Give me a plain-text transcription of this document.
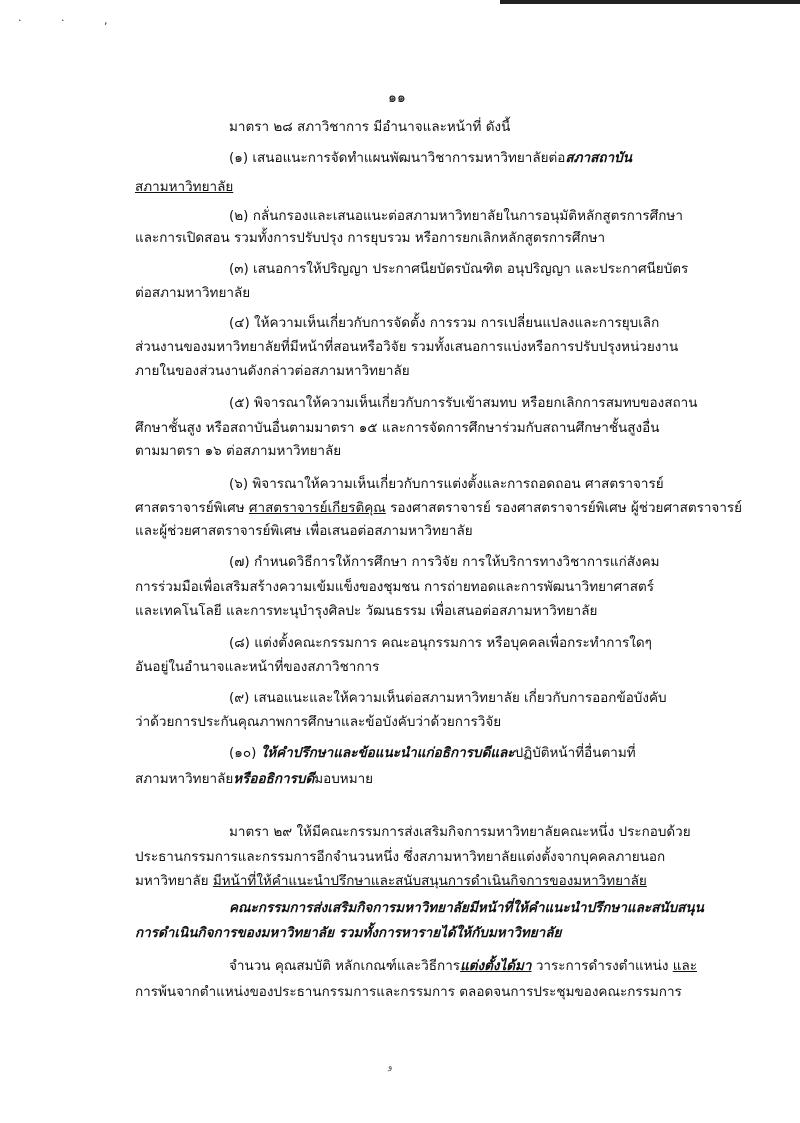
· · ,
๑๑
มาตรา ๒๘ สภาวิชาการ มีอำนาจและหน้าที่ ดังนี้
(๑) เสนอแนะการจัดทำแผนพัฒนาวิชาการมหาวิทยาลัยต่อสภาสถาบัน
สภามหาวิทยาลัย
(๒) กลั่นกรองและเสนอแนะต่อสภามหาวิทยาลัยในการอนุมัติหลักสูตรการศึกษา
และการเปิดสอน รวมทั้งการปรับปรุง การยุบรวม หรือการยกเลิกหลักสูตรการศึกษา
(๓) เสนอการให้ปริญญา ประกาศนียบัตรบัณฑิต อนุปริญญา และประกาศนียบัตร
ต่อสภามหาวิทยาลัย
(๔) ให้ความเห็นเกี่ยวกับการจัดตั้ง การรวม การเปลี่ยนแปลงและการยุบเลิก
ส่วนงานของมหาวิทยาลัยที่มีหน้าที่สอนหรือวิจัย รวมทั้งเสนอการแบ่งหรือการปรับปรุงหน่วยงาน
ภายในของส่วนงานดังกล่าวต่อสภามหาวิทยาลัย
(๕) พิจารณาให้ความเห็นเกี่ยวกับการรับเข้าสมทบ หรือยกเลิกการสมทบของสถาน
ศึกษาชั้นสูง หรือสถาบันอื่นตามมาตรา ๑๕ และการจัดการศึกษาร่วมกับสถานศึกษาชั้นสูงอื่น
ตามมาตรา ๑๖ ต่อสภามหาวิทยาลัย
(๖) พิจารณาให้ความเห็นเกี่ยวกับการแต่งตั้งและการถอดถอน ศาสตราจารย์
ศาสตราจารย์พิเศษ ศาสตราจารย์เกียรติคุณ รองศาสตราจารย์ รองศาสตราจารย์พิเศษ ผู้ช่วยศาสตราจารย์
และผู้ช่วยศาสตราจารย์พิเศษ เพื่อเสนอต่อสภามหาวิทยาลัย
(๗) กำหนดวิธีการให้การศึกษา การวิจัย การให้บริการทางวิชาการแก่สังคม
การร่วมมือเพื่อเสริมสร้างความเข้มแข็งของชุมชน การถ่ายทอดและการพัฒนาวิทยาศาสตร์
และเทคโนโลยี และการทะนุบำรุงศิลปะ วัฒนธรรม เพื่อเสนอต่อสภามหาวิทยาลัย
(๘) แต่งตั้งคณะกรรมการ คณะอนุกรรมการ หรือบุคคลเพื่อกระทำการใดๆ
อันอยู่ในอำนาจและหน้าที่ของสภาวิชาการ
(๙) เสนอแนะและให้ความเห็นต่อสภามหาวิทยาลัย เกี่ยวกับการออกข้อบังคับ
ว่าด้วยการประกันคุณภาพการศึกษาและข้อบังคับว่าด้วยการวิจัย
(๑๐) ให้คำปรึกษาและข้อแนะนำแก่อธิการบดีและปฏิบัติหน้าที่อื่นตามที่
สภามหาวิทยาลัยหรืออธิการบดีมอบหมาย
มาตรา ๒๙ ให้มีคณะกรรมการส่งเสริมกิจการมหาวิทยาลัยคณะหนึ่ง ประกอบด้วย
ประธานกรรมการและกรรมการอีกจำนวนหนึ่ง ซึ่งสภามหาวิทยาลัยแต่งตั้งจากบุคคลภายนอก
มหาวิทยาลัย มีหน้าที่ให้คำแนะนำปรึกษาและสนับสนุนการดำเนินกิจการของมหาวิทยาลัย
คณะกรรมการส่งเสริมกิจการมหาวิทยาลัยมีหน้าที่ให้คำแนะนำปรึกษาและสนับสนุน
การดำเนินกิจการของมหาวิทยาลัย รวมทั้งการหารายได้ให้กับมหาวิทยาลัย
จำนวน คุณสมบัติ หลักเกณฑ์และวิธีการแต่งตั้งได้มา วาระการดำรงตำแหน่ง และ
การพ้นจากตำแหน่งของประธานกรรมการและกรรมการ ตลอดจนการประชุมของคณะกรรมการ
ﻭ
